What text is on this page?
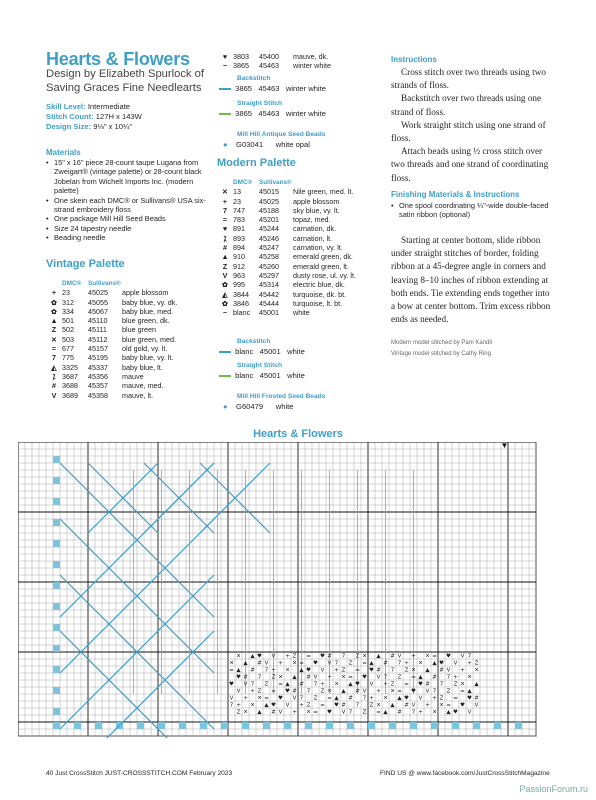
Hearts & Flowers
Design by Elizabeth Spurlock of Saving Graces Fine Needlearts
Skill Level: Intermediate
Stitch Count: 127H x 143W
Design Size: 9⅛" x 10¼"
Materials
• 15" x 16" piece 28-count taupe Lugana from Zweigart® (vintage palette) or 28-count black Jobelan from Wichelt Imports Inc. (modern palette)
• One skein each DMC® or Sullivans® USA six-strand embroidery floss
• One package Mill Hill Seed Beads
• Size 24 tapestry needle
• Beading needle
Vintage Palette
	DMC®	Sullivans®	
+	23	45025	apple blossom
✿	312	45055	baby blue, vy. dk.
✿	334	45067	baby blue, med.
▲	501	45110	blue green, dk.
Z	502	45111	blue green
✕	503	45112	blue green, med.
=	677	45157	old gold, vy. lt.
7	775	45195	baby blue, vy. lt.
◭	3325	45337	baby blue, lt.
⁒	3687	45356	mauve
#	3688	45357	mauve, med.
V	3689	45358	mauve, lt.
♥	3803	45400	mauve, dk.
−	3865	45463	winter white
Backstitch
3865 45463 winter white
Straight Stitch
3865 45463 winter white
Mill Hill Antique Seed Beads
● G03041 white opal
Modern Palette
	DMC®	Sullivans®	
✕	13	45015	Nile green, med. lt.
+	23	45025	apple blossom
7	747	45188	sky blue, vy. lt.
=	783	45201	topaz, med.
♥	891	45244	carnation, dk.
⁒	893	45246	carnation, lt.
#	894	45247	carnation, vy. lt.
▲	910	45258	emerald green, dk.
Z	912	45260	emerald green, lt.
V	963	45297	dusty rose, ul. vy. lt.
✿	995	45314	electric blue, dk.
◭	3844	45442	turquoise, dk. bt.
✿	3846	45444	turquoise, lt. bt.
−	blanc	45001	white
Backstitch
blanc 45001 white
Straight Stitch
blanc 45001 white
Mill Hill Frosted Seed Beads
● G60479 white
Instructions

Cross stitch over two threads using two strands of floss.

Backstitch over two threads using one strand of floss.

Work straight stitch using one strand of floss.

Attach beads using ½ cross stitch over two threads and one strand of coordinating floss.

Finishing Materials & Instructions
• One spool coordinating ¼"-wide double-faced satin ribbon (optional)

Starting at center bottom, slide ribbon under straight stitches of border, folding ribbon at a 45-degree angle in corners and leaving 8–10 inches of ribbon extending at both ends. Tie extending ends together into a bow at center bottom. Trim excess ribbon ends as needed.

Modern model stitched by Pam Kandil
Vintage model stitched by Cathy Ring
Hearts & Flowers
✕ ▲ ♥ V + Z = ♥ # 7 Z ✕ ▲ # V + ✕ = ♥ V 7
✕ ▲ # V + ✕ = ♥ V 7 Z = ▲ # 7 + ✕ ▲ ♥ V + Z
= ▲ # 7 + ✕ ▲ ♥ V + Z = ♥ # 7 Z ✕ ▲ # V + ✕
♥ # 7 Z ✕ ▲ # V + ✕ = ♥ V 7 Z = ▲ # 7 + ✕
♥ V 7 Z = ▲ # 7 + ✕ ▲ ♥ V + Z = ♥ # 7 Z ✕ ▲
V + Z = ♥ # 7 Z ✕ ▲ # V + ✕ = ♥ V 7 Z = ▲
V + ✕ = ♥ V 7 Z = ▲ # 7 + ✕ ▲ ♥ V + Z = ♥ #
7 + ✕ ▲ ♥ V + Z = ♥ # 7 Z ✕ ▲ # V + ✕ = ♥ V
Z ✕ ▲ # V + ✕ = ♥ V 7 Z = ▲ # 7 + ✕ ▲ ♥ V
▼
40 Just CrossStitch JUST-CROSSSTITCH.COM February 2023	FIND US @ www.facebook.com/JustCrossStitchMagazine
PassionForum.ru
